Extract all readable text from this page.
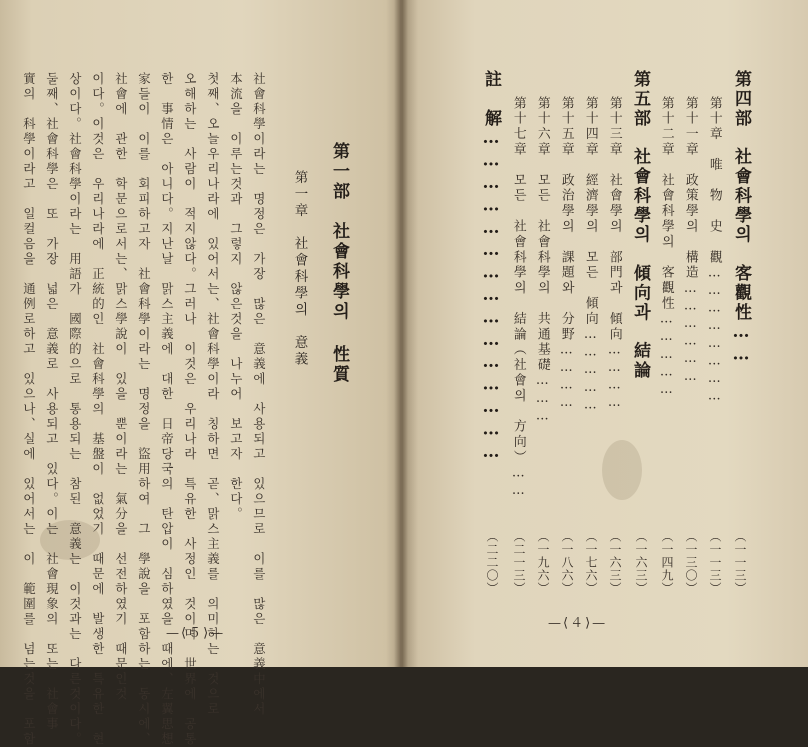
第一部　社會科學의 性質
第一章　社會科學의　意義
社會科學이라는　명정은　가장　많은　意義에　사용되고　있으므로　이를　많은　意義中에서
本流을　이루는것과　그렇지　않은것을　나누어　보고자　한다。
첫째、오늘우리나라에　있어서는、社會科學이라　칭하면　곧、맑스主義를　의미하는　것으로
오해하는　사람이　적지않다。그러나　이것은　우리나라　특유한　사정인　것이며　世界에　공통
한　事情은　아니다。지난날　맑스主義에　대한　日帝당국의　탄압이　심하였을　때에、左翼思想
家들이　이를　회피하고자　社會科學이라는　명정을　盜用하여　그　學說을　포함하는　동시에、
社會에　관한　학문으로서는、맑스學說이　있을　뿐이라는　氣分을　선전하였기　때문인것
이다。이것은　우리나라에　正統的인　社會科學의　基盤이　없었기　때문에　발생한　특유한　현
상이다。社會科學이라는　用語가　國際的으로　통용되는　참된　意義는　이것과는　다른것이다。
둘째、社會科學은　또　가장　넓은　意義로　사용되고　있다。이는　社會現象의　또는　社會事
實의　科學이라고　일컬음을　通例로하고　있으나、실에　있어서는　이　範圍를　넘는것을　포함	—⟨５⟩—
第四部　社會科學의　客觀性……
（一一三）
第十章　唯　物　史　觀……………………
（一一三）
第十一章　政策學의　構造………………
（一三〇）
第十二章　社會科學의　客觀性……………
（一四九）
第五部　社會科學의　傾向과　結論
（一六三）
第十三章　社會學의　部門과　傾向…………
（一六三）
第十四章　經濟學의　모든　傾向……………
（一七六）
第十五章　政治學의　課題와　分野…………
（一八六）
第十六章　모든　社會科學의　共通基礎………
（一九六）
第十七章　모든　社會科學의　結論（社會의　方向）……
（二一三）
註　解………………………………………
（二二〇）
—⟨４⟩—
